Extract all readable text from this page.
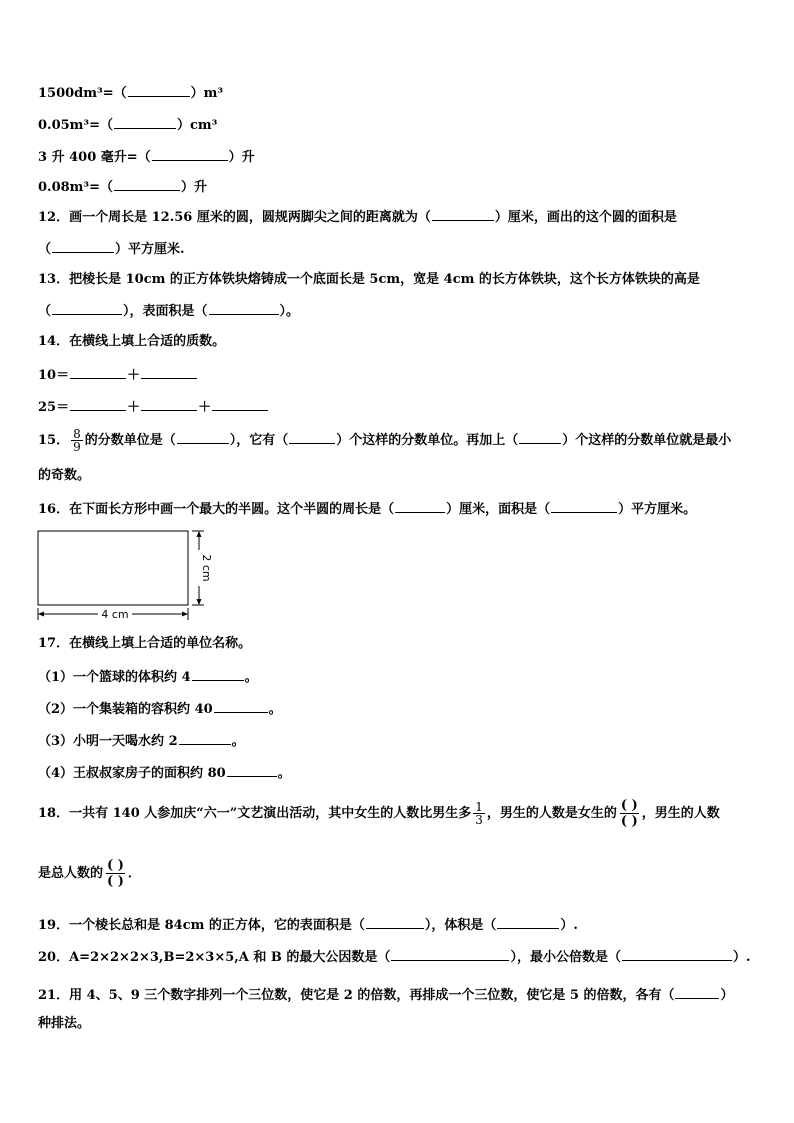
1500dm³=（	）m³
0.05m³=（	）cm³
3 升 400 毫升=（	）升
0.08m³=（	）升
12．画一个周长是 12.56 厘米的圆，圆规两脚尖之间的距离就为（	）厘米，画出的这个圆的面积是
（	）平方厘米.
13．把棱长是 10cm 的正方体铁块熔铸成一个底面长是 5cm，宽是 4cm 的长方体铁块，这个长方体铁块的高是
（	），表面积是（	）。
14．在横线上填上合适的质数。
10＝	＋
25＝	＋	＋
15． $\frac{8}{9}$ 的分数单位是（	），它有（	）个这样的分数单位。再加上（	）个这样的分数单位就是最小
的奇数。
16．在下面长方形中画一个最大的半圆。这个半圆的周长是（	）厘米，面积是（	）平方厘米。
4 cm
2 cm
17．在横线上填上合适的单位名称。
（1）一个篮球的体积约 4	。
（2）一个集装箱的容积约 40	。
（3）小明一天喝水约 2	。
（4）王叔叔家房子的面积约 80	。
18．一共有 140 人参加庆“六一”文艺演出活动，其中女生的人数比男生多 $\frac{1}{3}$ ，男生的人数是女生的 $\frac{( )}{( )}$ ，男生的人数
是总人数的 $\frac{( )}{( )}$ ．
19．一个棱长总和是 84cm 的正方体，它的表面积是（	），体积是（	）.
20．A=2×2×2×3,B=2×3×5,A 和 B 的最大公因数是（	），最小公倍数是（	）.
21．用 4、5、9 三个数字排列一个三位数，使它是 2 的倍数，再排成一个三位数，使它是 5 的倍数，各有（	）
种排法。
